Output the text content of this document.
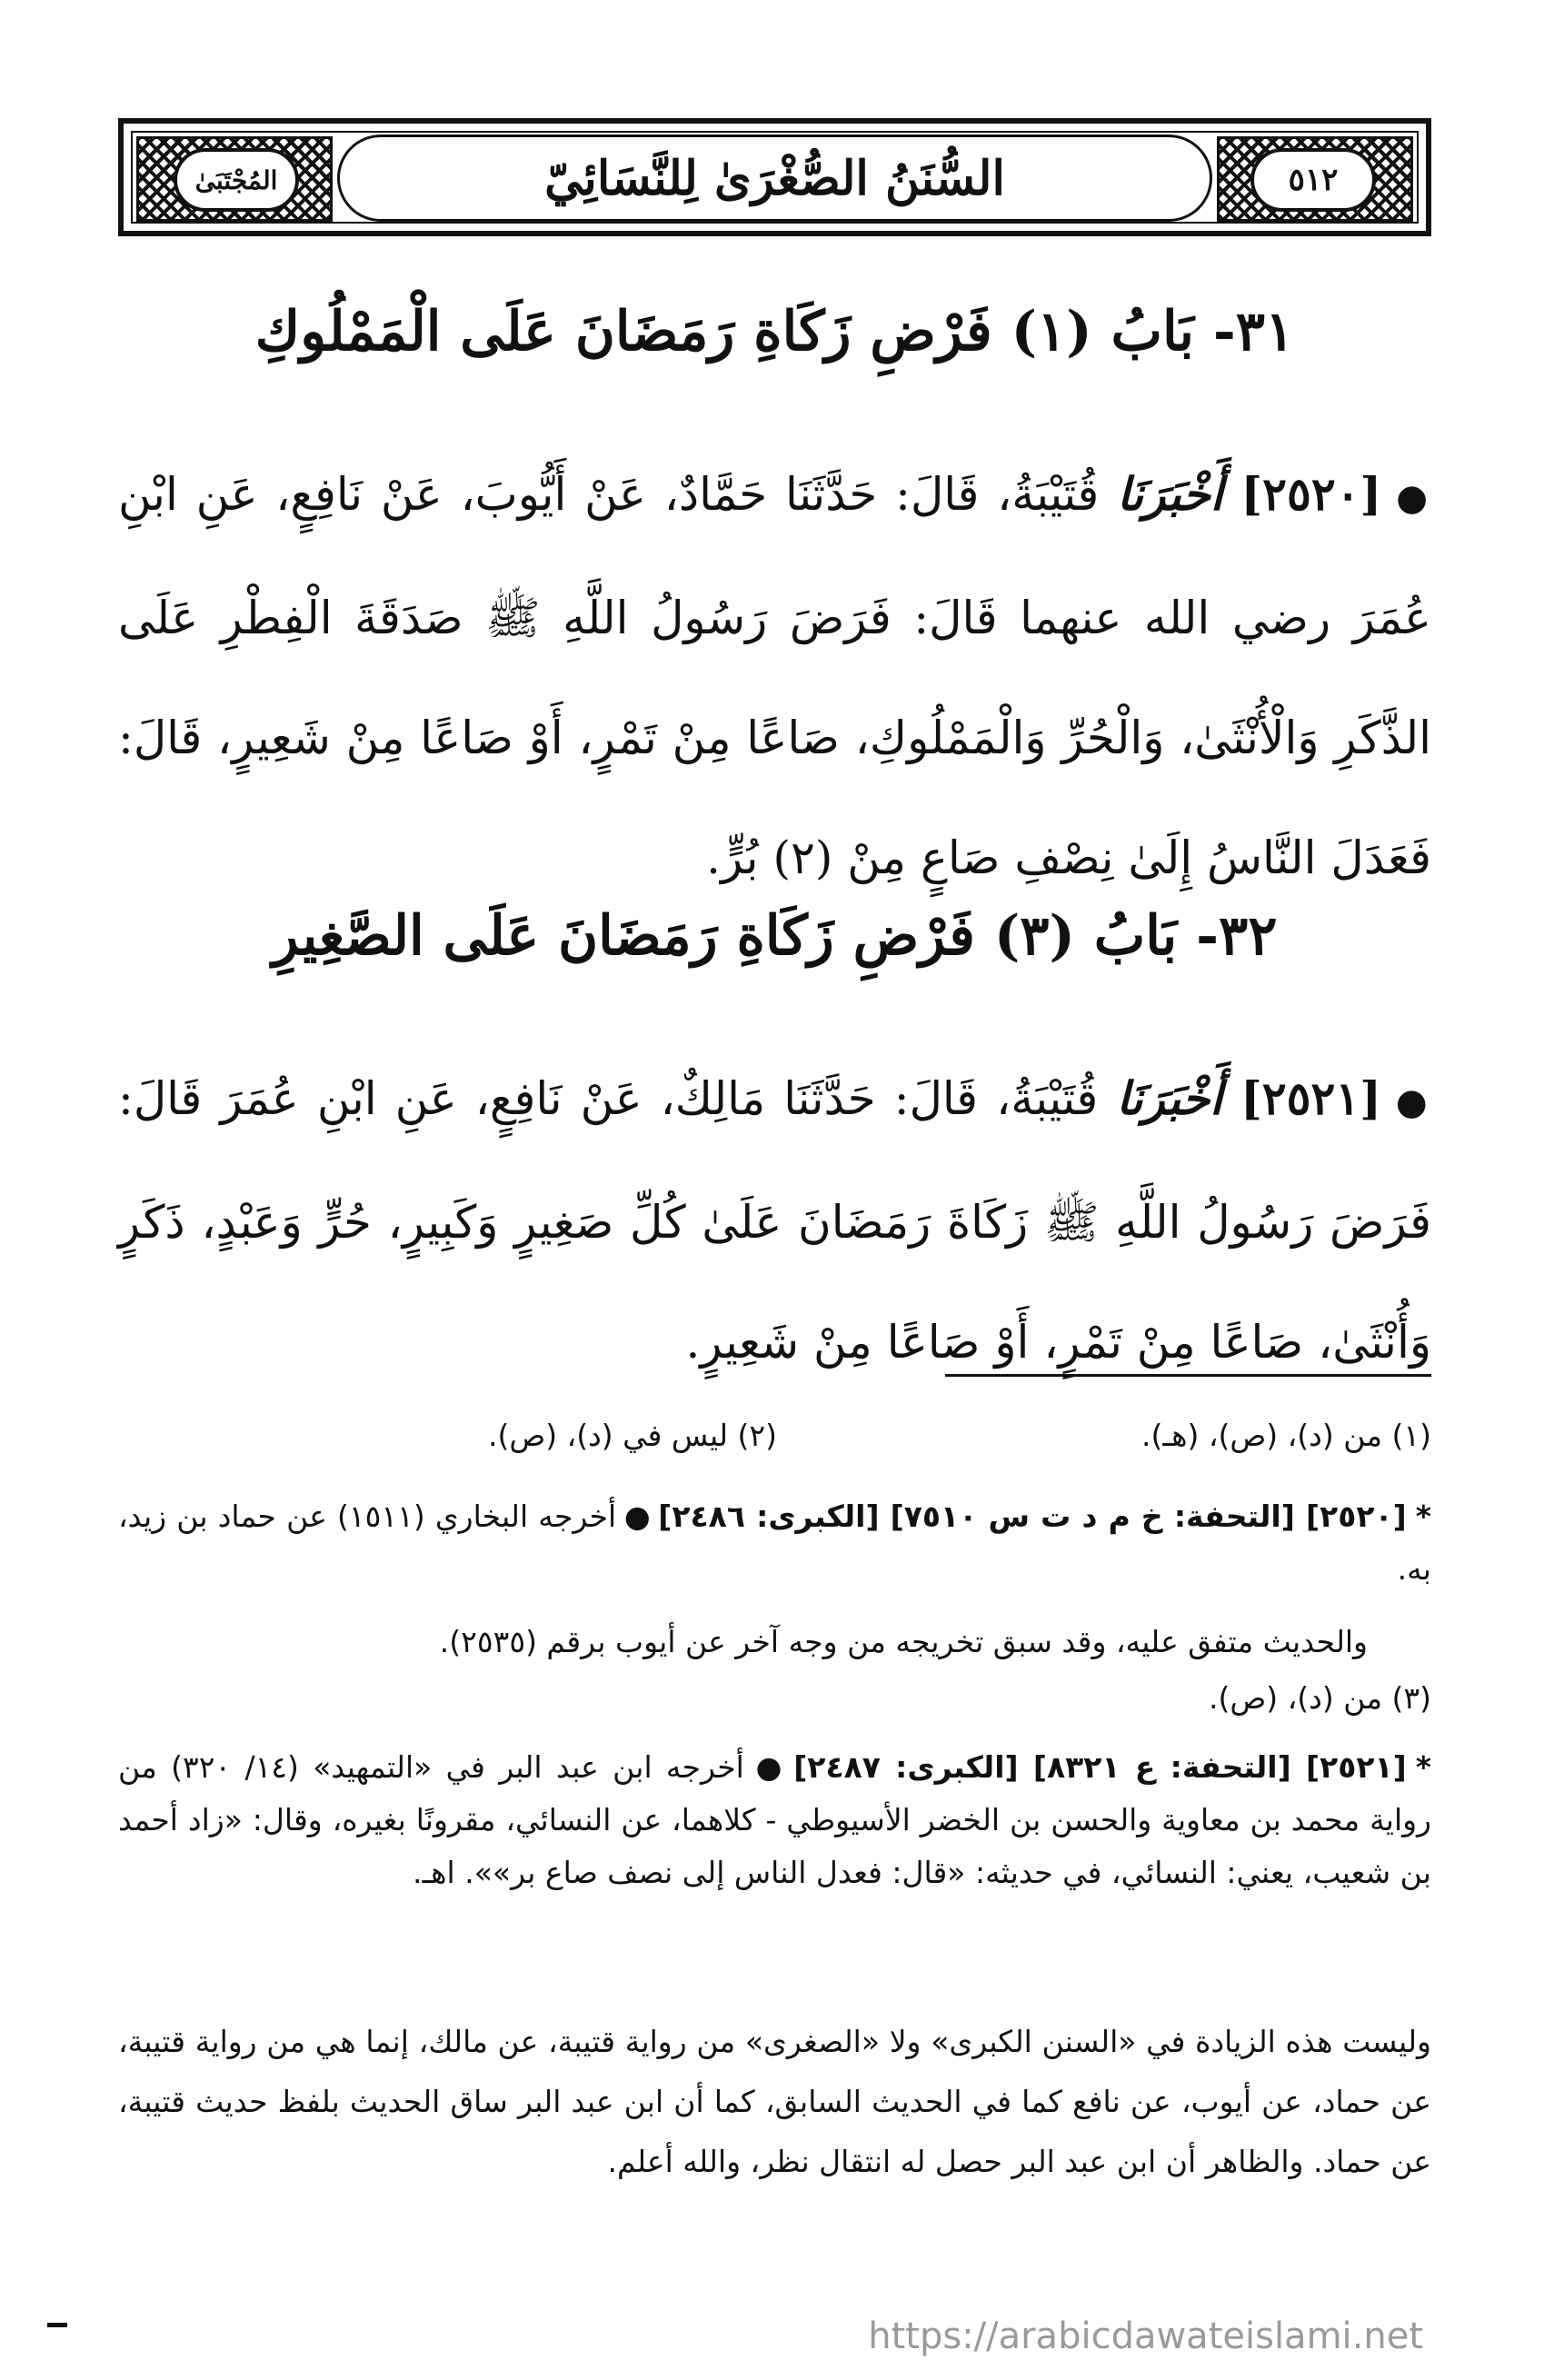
٥١٢
السُّنَنُ الصُّغْرَىٰ لِلنَّسَائِيّ
المُجْتَبَىٰ
٣١- بَابُ (١) فَرْضِ زَكَاةِ رَمَضَانَ عَلَى الْمَمْلُوكِ
●[٢٥٢٠] أَخْبَرَنَا قُتَيْبَةُ، قَالَ: حَدَّثَنَا حَمَّادٌ، عَنْ أَيُّوبَ، عَنْ نَافِعٍ، عَنِ ابْنِ عُمَرَ رضي الله عنهما قَالَ: فَرَضَ رَسُولُ اللَّهِ ﷺ صَدَقَةَ الْفِطْرِ عَلَى الذَّكَرِ وَالْأُنْثَىٰ، وَالْحُرِّ وَالْمَمْلُوكِ، صَاعًا مِنْ تَمْرٍ، أَوْ صَاعًا مِنْ شَعِيرٍ، قَالَ: فَعَدَلَ النَّاسُ إِلَىٰ نِصْفِ صَاعٍ مِنْ (٢) بُرٍّ.
٣٢- بَابُ (٣) فَرْضِ زَكَاةِ رَمَضَانَ عَلَى الصَّغِيرِ
●[٢٥٢١] أَخْبَرَنَا قُتَيْبَةُ، قَالَ: حَدَّثَنَا مَالِكٌ، عَنْ نَافِعٍ، عَنِ ابْنِ عُمَرَ قَالَ: فَرَضَ رَسُولُ اللَّهِ ﷺ زَكَاةَ رَمَضَانَ عَلَىٰ كُلِّ صَغِيرٍ وَكَبِيرٍ، حُرٍّ وَعَبْدٍ، ذَكَرٍ وَأُنْثَىٰ، صَاعًا مِنْ تَمْرٍ، أَوْ صَاعًا مِنْ شَعِيرٍ.
(١) من (د)، (ص)، (هـ).
(٢) ليس في (د)، (ص).
*[٢٥٢٠] [التحفة: خ م د ت س ٧٥١٠] [الكبرى: ٢٤٨٦]●أخرجه البخاري (١٥١١) عن حماد بن زيد، به.
والحديث متفق عليه، وقد سبق تخريجه من وجه آخر عن أيوب برقم (٢٥٣٥).
(٣) من (د)، (ص).
*[٢٥٢١] [التحفة: ع ٨٣٢١] [الكبرى: ٢٤٨٧]●أخرجه ابن عبد البر في «التمهيد» (١٤/ ٣٢٠) من رواية محمد بن معاوية والحسن بن الخضر الأسيوطي - كلاهما، عن النسائي، مقرونًا بغيره، وقال: «زاد أحمد بن شعيب، يعني: النسائي، في حديثه: «قال: فعدل الناس إلى نصف صاع بر»». اهـ.
وليست هذه الزيادة في «السنن الكبرى» ولا «الصغرى» من رواية قتيبة، عن مالك، إنما هي من رواية قتيبة، عن حماد، عن أيوب، عن نافع كما في الحديث السابق، كما أن ابن عبد البر ساق الحديث بلفظ حديث قتيبة، عن حماد. والظاهر أن ابن عبد البر حصل له انتقال نظر، والله أعلم.
https://arabicdawateislami.net
